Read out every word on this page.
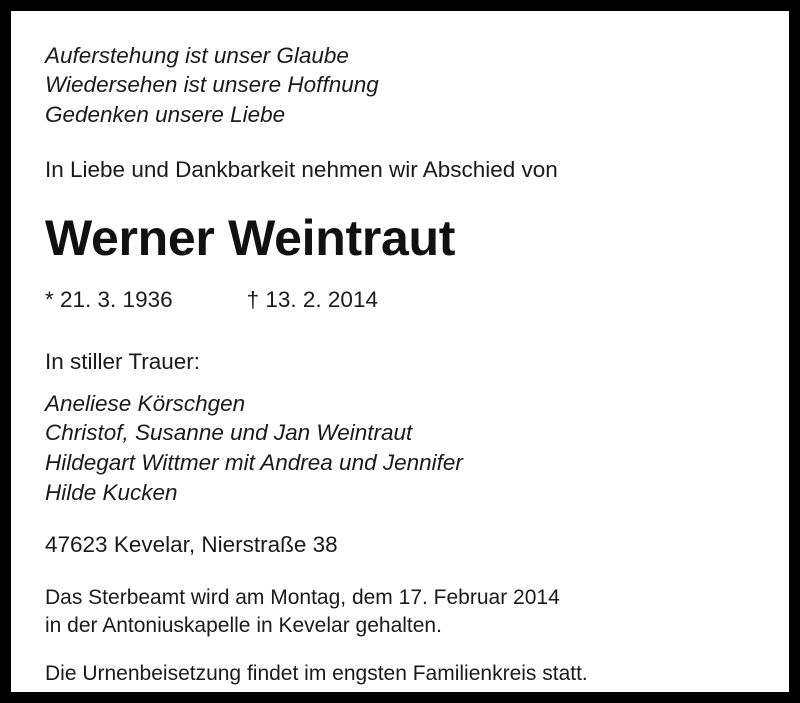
Auferstehung ist unser Glaube
Wiedersehen ist unsere Hoffnung
Gedenken unsere Liebe
In Liebe und Dankbarkeit nehmen wir Abschied von
Werner Weintraut
* 21. 3. 1936	† 13. 2. 2014
In stiller Trauer:
Aneliese Körschgen
Christof, Susanne und Jan Weintraut
Hildegart Wittmer mit Andrea und Jennifer
Hilde Kucken
47623 Kevelar, Nierstraße 38
Das Sterbeamt wird am Montag, dem 17. Februar 2014
in der Antoniuskapelle in Kevelar gehalten.
Die Urnenbeisetzung findet im engsten Familienkreis statt.
